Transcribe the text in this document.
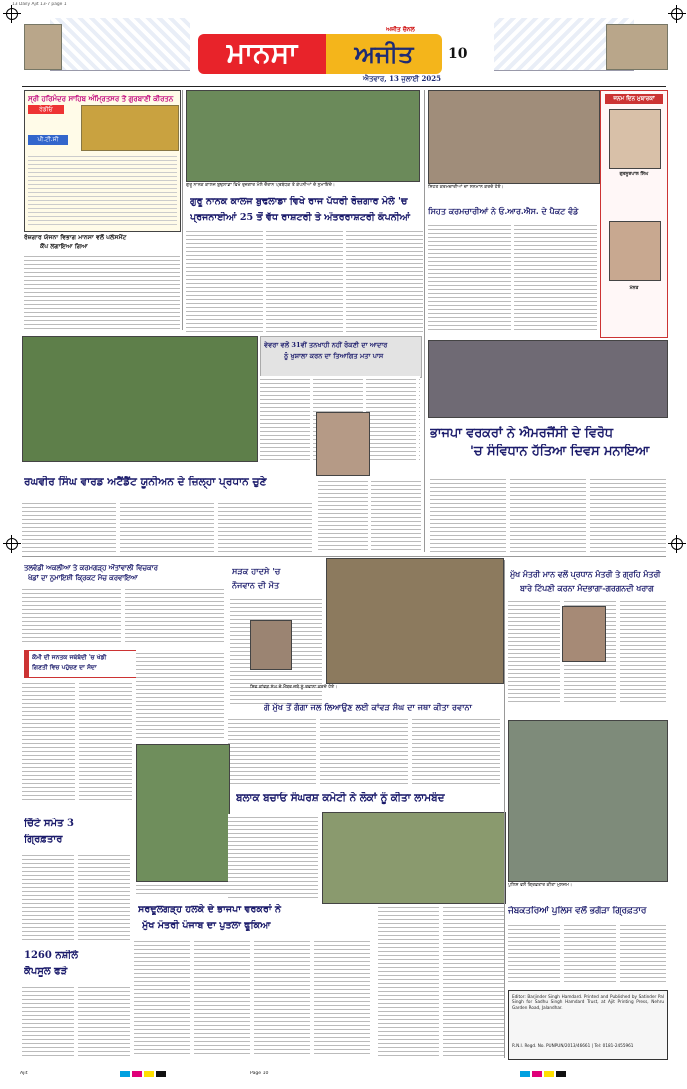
13 Daily Ajit 13-7 page 1
ਮਾਨਸਾ	ਅਜੀਤ
ਅਜੀਤ ਚੈਨਲ
ਐਤਵਾਰ, 13 ਜੁਲਾਈ 2025
10
ਸ੍ਰੀ ਹਰਿਮੰਦਰ ਸਾਹਿਬ ਅੰਮ੍ਰਿਤਸਰ ਤੋਂ ਗੁਰਬਾਣੀ ਕੀਰਤਨ
ਰੇਡੀਓ
ਪੀ.ਟੀ.ਸੀ
ਰੋਜ਼ਗਾਰ ਯੋਜਨਾ ਵਿਭਾਗ ਮਾਨਸਾ ਵਲੋਂ ਪਲੇਸਮੈਂਟ
ਕੈਂਪ ਲਗਾਇਆ ਗਿਆ
ਗੁਰੂ ਨਾਨਕ ਕਾਲਜ ਬੁਢਲਾਡਾ ਵਿਖੇ ਰੁਜ਼ਗਾਰ ਮੇਲੇ ਦੌਰਾਨ ਪ੍ਰਬੰਧਕ ਤੇ ਕੰਪਨੀਆਂ ਦੇ ਨੁਮਾਇੰਦੇ।
ਗੁਰੂ ਨਾਨਕ ਕਾਲਜ ਬੁਢਲਾਡਾ ਵਿਖੇ ਰਾਜ ਪੱਧਰੀ ਰੋਜ਼ਗਾਰ ਮੇਲੇ 'ਚ
ਪ੍ਰਜਨਾਈਆਂ 25 ਤੋਂ ਵੱਧ ਰਾਸ਼ਟਰੀ ਤੇ ਅੰਤਰਰਾਸ਼ਟਰੀ ਕੰਪਨੀਆਂ
ਸਿਹਤ ਕਰਮਚਾਰੀਆਂ ਦਾ ਸਨਮਾਨ ਕਰਦੇ ਹੋਏ।
ਸਿਹਤ ਕਰਮਚਾਰੀਆਂ ਨੇ ਓ.ਆਰ.ਐਸ. ਦੇ ਪੈਕਟ ਵੰਡੇ
ਜਨਮ ਦਿਨ ਮੁਬਾਰਕਾਂ
ਗੁਰਨੂਰਪਾਲ ਸਿੰਘ
ਮੰਨਤ
ਵੇਵਰਾ ਵਲੋਂ 31ਵੀਂ ਤਨਖਾਹੀ ਨਹੀਂ ਰੋਕਣੀ ਦਾ ਆਦਾਰ
ਨੂੰ ਖੁਸ਼ਾਲਾ ਕਰਨ ਦਾ ਤਿਆਗਿਤ ਮਤਾ ਪਾਸ
ਭਾਜਪਾ ਵਰਕਰਾਂ ਨੇ ਐਮਰਜੈਂਸੀ ਦੇ ਵਿਰੋਧ
'ਚ ਸੰਵਿਧਾਨ ਹੱਤਿਆ ਦਿਵਸ ਮਨਾਇਆ
ਰਘਵੀਰ ਸਿੰਘ ਵਾਰਡ ਅਟੈਂਡੈਂਟ ਯੂਨੀਅਨ ਦੇ ਜ਼ਿਲ੍ਹਾ ਪ੍ਰਧਾਨ ਚੁਣੇ
ਤਲਵੰਡੀ ਅਕਲੀਆ ਤੇ ਕਰਮਗੜ੍ਹ ਔਤਾਂਵਾਲੀ ਵਿਚਕਾਰ
ਖੇਡਾਂ ਦਾ ਨੁਮਾਇਸ਼ੀ ਕ੍ਰਿਕਟ ਮੈਚ ਕਰਵਾਇਆ
ਕੌਮੀ ਦੀ ਜਨਤਕ ਜਥੇਬੰਦੀ 'ਚ ਖੇਡੀ
ਗਿਣਤੀ ਵਿਚ ਪਹੁੰਚਣ ਦਾ ਸੱਦਾ
ਸੜਕ ਹਾਦਸੇ 'ਚ
ਨੌਜਵਾਨ ਦੀ ਮੌਤ
ਸ਼ਿਵ ਕਾਂਵੜ ਸੰਘ ਦੇ ਮੈਂਬਰ ਜਥੇ ਨੂੰ ਰਵਾਨਾ ਕਰਦੇ ਹੋਏ।
ਗੋ ਮੁੱਖ ਤੋਂ ਗੰਗਾ ਜਲ ਲਿਆਉਣ ਲਈ ਕਾਂਵੜ ਸੰਘ ਦਾ ਜਥਾ ਕੀਤਾ ਰਵਾਨਾ
ਮੁੱਖ ਮੰਤਰੀ ਮਾਨ ਵਲੋਂ ਪ੍ਰਧਾਨ ਮੰਤਰੀ ਤੇ ਗ੍ਰਹਿ ਮੰਤਰੀ
ਬਾਰੇ ਟਿੱਪਣੀ ਕਰਨਾ ਮੰਦਭਾਗਾ-ਗਰਗਨਦੀ ਖਰਾਗ
ਪੁਲਿਸ ਵਲੋਂ ਗ੍ਰਿਫ਼ਤਾਰ ਕੀਤਾ ਮੁਲਜ਼ਮ।
ਜੇਬਕਤਰਿਆਂ ਪੁਲਿਸ ਵਲੋਂ ਭਗੌੜਾ ਗ੍ਰਿਫ਼ਤਾਰ
Editor: Barjinder Singh Hamdard. Printed and Published by Satinder Pal Singh for Sadhu Singh Hamdard Trust, at Ajit Printing Press, Nehru Garden Road, Jalandhar.
R.N.I. Regd. No. PUNPUN/2013/46661 | Tel: 0181-2455961
ਚਿੱਟੇ ਸਮੇਤ 3
ਗ੍ਰਿਫ਼ਤਾਰ
1260 ਨਸ਼ੀਲੇ
ਕੈਪਸੂਲ ਫੜੇ
ਸਰਦੂਲਗੜ੍ਹ ਹਲਕੇ ਦੇ ਭਾਜਪਾ ਵਰਕਰਾਂ ਨੇ
ਮੁੱਖ ਮੰਤਰੀ ਪੰਜਾਬ ਦਾ ਪੁਤਲਾ ਫੂਕਿਆ
ਬਲਾਕ ਬਚਾਓ ਸੰਘਰਸ਼ ਕਮੇਟੀ ਨੇ ਲੋਕਾਂ ਨੂੰ ਕੀਤਾ ਲਾਮਬੰਦ
Ajit	Page 10
